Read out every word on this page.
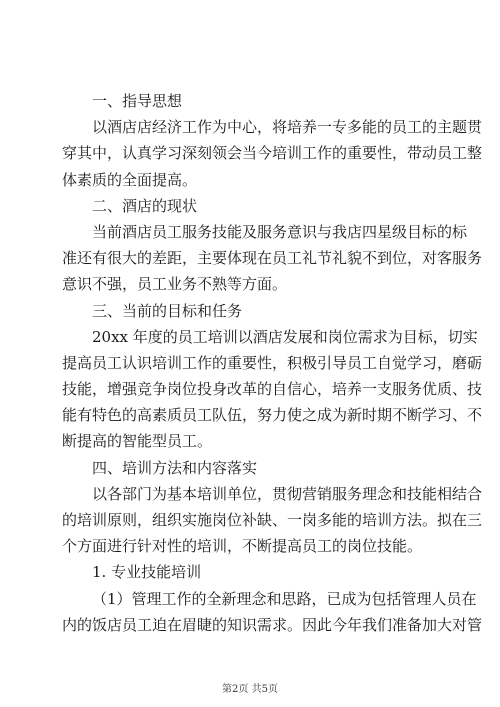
一、指导思想
以酒店店经济工作为中心，将培养一专多能的员工的主题贯
穿其中，认真学习深刻领会当今培训工作的重要性，带动员工整
体素质的全面提高。
二、酒店的现状
当前酒店员工服务技能及服务意识与我店四星级目标的标
准还有很大的差距，主要体现在员工礼节礼貌不到位，对客服务
意识不强，员工业务不熟等方面。
三、当前的目标和任务
20xx 年度的员工培训以酒店发展和岗位需求为目标，切实
提高员工认识培训工作的重要性，积极引导员工自觉学习，磨砺
技能，增强竞争岗位投身改革的自信心，培养一支服务优质、技
能有特色的高素质员工队伍，努力使之成为新时期不断学习、不
断提高的智能型员工。
四、培训方法和内容落实
以各部门为基本培训单位，贯彻营销服务理念和技能相结合
的培训原则，组织实施岗位补缺、一岗多能的培训方法。拟在三
个方面进行针对性的培训，不断提高员工的岗位技能。
1. 专业技能培训
（1）管理工作的全新理念和思路，已成为包括管理人员在
内的饭店员工迫在眉睫的知识需求。因此今年我们准备加大对管
第2页 共5页
